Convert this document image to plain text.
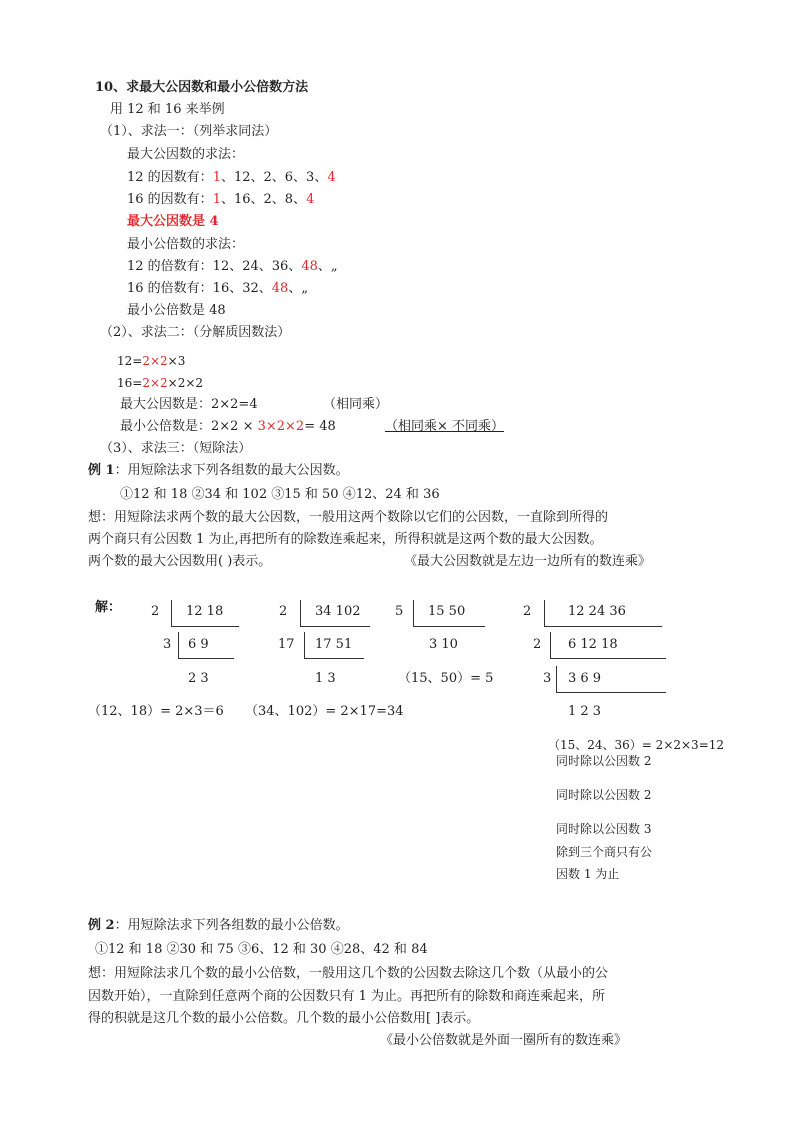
10、求最大公因数和最小公倍数方法
用 12 和 16 来举例
（1）、求法一：（列举求同法）
最大公因数的求法：
12 的因数有：1、12、2、6、3、4
16 的因数有：1、16、2、8、4
最大公因数是 4
最小公倍数的求法：
12 的倍数有：12、24、36、48、„
16 的倍数有：16、32、48、„
最小公倍数是 48
（2）、求法二：（分解质因数法）
12=2×2×3
16=2×2×2×2
最大公因数是：2×2=4	（相同乘）
最小公倍数是：2×2 × 3×2×2= 48	（相同乘× 不同乘）
（3）、求法三：（短除法）
例 1：用短除法求下列各组数的最大公因数。
①12 和 18 ②34 和 102 ③15 和 50 ④12、24 和 36
想：用短除法求两个数的最大公因数，一般用这两个数除以它们的公因数，一直除到所得的
两个商只有公因数 1 为止,再把所有的除数连乘起来，所得积就是这两个数的最大公因数。
两个数的最大公因数用( )表示。	《最大公因数就是左边一边所有的数连乘》
解： 2 12 18
3 6 9
2 3
2 34 102
17 17 51
1 3
5 15 50
3 10
（15、50）= 5
2	12 24 36
2 6 12 18
3 3 6 9
1 2 3
（15、24、36）= 2×2×3=12
同时除以公因数 2
同时除以公因数 2
同时除以公因数 3
除到三个商只有公
因数 1 为止
（12、18）= 2×3＝6 （34、102）= 2×17=34
例 2：用短除法求下列各组数的最小公倍数。
①12 和 18 ②30 和 75 ③6、12 和 30 ④28、42 和 84
想：用短除法求几个数的最小公倍数，一般用这几个数的公因数去除这几个数（从最小的公
因数开始），一直除到任意两个商的公因数只有 1 为止。再把所有的除数和商连乘起来，所
得的积就是这几个数的最小公倍数。几个数的最小公倍数用[ ]表示。
《最小公倍数就是外面一圈所有的数连乘》
